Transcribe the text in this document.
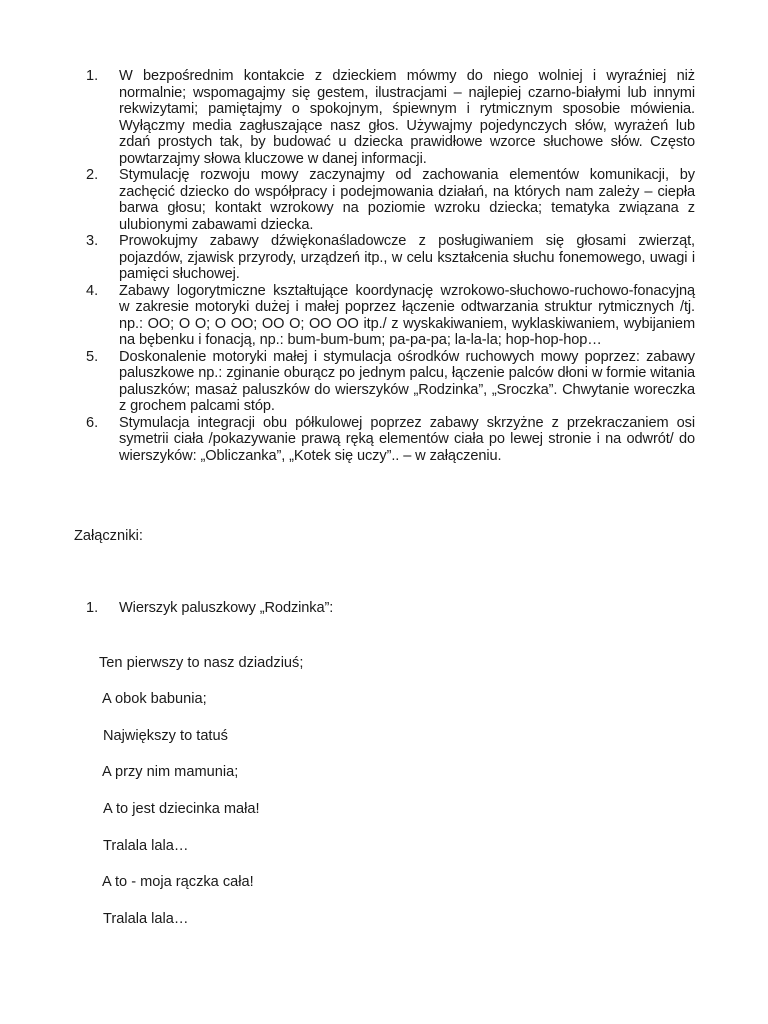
1. W bezpośrednim kontakcie z dzieckiem mówmy do niego wolniej i wyraźniej niż normalnie; wspomagajmy się gestem, ilustracjami – najlepiej czarno-białymi lub innymi rekwizytami; pamiętajmy o spokojnym, śpiewnym i rytmicznym sposobie mówienia. Wyłączmy media zagłuszające nasz głos. Używajmy pojedynczych słów, wyrażeń lub zdań prostych tak, by budować u dziecka prawidłowe wzorce słuchowe słów. Często powtarzajmy słowa kluczowe w danej informacji.
2. Stymulację rozwoju mowy zaczynajmy od zachowania elementów komunikacji, by zachęcić dziecko do współpracy i podejmowania działań, na których nam zależy – ciepła barwa głosu; kontakt wzrokowy na poziomie wzroku dziecka; tematyka związana z ulubionymi zabawami dziecka.
3. Prowokujmy zabawy dźwiękonaśladowcze z posługiwaniem się głosami zwierząt, pojazdów, zjawisk przyrody, urządzeń itp., w celu kształcenia słuchu fonemowego, uwagi i pamięci słuchowej.
4. Zabawy logorytmiczne kształtujące koordynację wzrokowo-słuchowo-ruchowo-fonacyjną w zakresie motoryki dużej i małej poprzez łączenie odtwarzania struktur rytmicznych /tj. np.: OO; O O; O OO; OO O; OO OO itp./ z wyskakiwaniem, wyklaskiwaniem, wybijaniem na bębenku i fonacją, np.: bum-bum-bum; pa-pa-pa; la-la-la; hop-hop-hop…
5. Doskonalenie motoryki małej i stymulacja ośrodków ruchowych mowy poprzez: zabawy paluszkowe np.: zginanie oburącz po jednym palcu, łączenie palców dłoni w formie witania paluszków; masaż paluszków do wierszyków „Rodzinka”, „Sroczka”. Chwytanie woreczka z grochem palcami stóp.
6. Stymulacja integracji obu półkulowej poprzez zabawy skrzyżne z przekraczaniem osi symetrii ciała /pokazywanie prawą ręką elementów ciała po lewej stronie i na odwrót/ do wierszyków: „Obliczanka”, „Kotek się uczy”.. – w załączeniu.
Załączniki:
1. Wierszyk paluszkowy „Rodzinka”:

Ten pierwszy to nasz dziadziuś;

A obok babunia;

Największy to tatuś

A przy nim mamunia;

A to jest dziecinka mała!

Tralala lala…

A to - moja rączka cała!

Tralala lala…
